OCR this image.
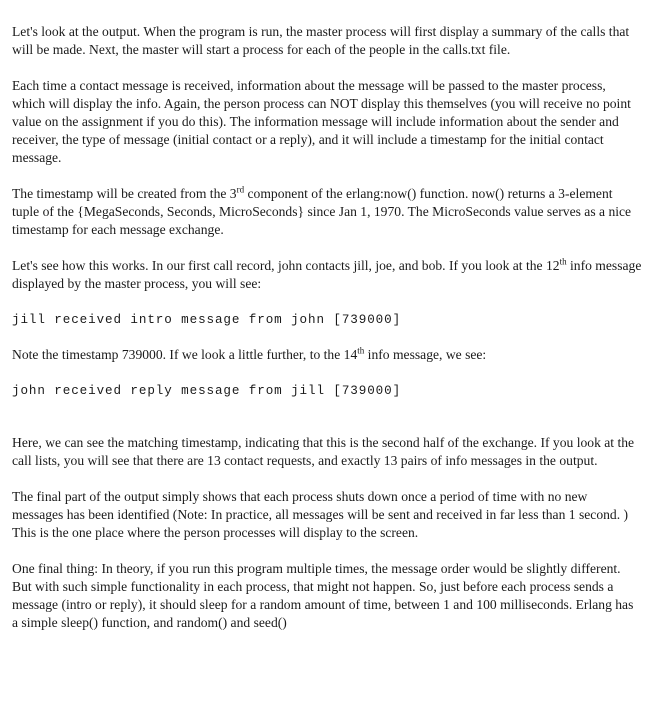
Let's look at the output. When the program is run, the master process will first display a summary of the calls that will be made. Next, the master will start a process for each of the people in the calls.txt file.

Each time a contact message is received, information about the message will be passed to the master process, which will display the info. Again, the person process can NOT display this themselves (you will receive no point value on the assignment if you do this). The information message will include information about the sender and receiver, the type of message (initial contact or a reply), and it will include a timestamp for the initial contact message.

The timestamp will be created from the 3rd component of the erlang:now() function. now() returns a 3-element tuple of the {MegaSeconds, Seconds, MicroSeconds} since Jan 1, 1970. The MicroSeconds value serves as a nice timestamp for each message exchange.

Let's see how this works. In our first call record, john contacts jill, joe, and bob. If you look at the 12th info message displayed by the master process, you will see:

jill received intro message from john [739000]

Note the timestamp 739000. If we look a little further, to the 14th info message, we see:

john received reply message from jill [739000]

Here, we can see the matching timestamp, indicating that this is the second half of the exchange. If you look at the call lists, you will see that there are 13 contact requests, and exactly 13 pairs of info messages in the output.

The final part of the output simply shows that each process shuts down once a period of time with no new messages has been identified (Note: In practice, all messages will be sent and received in far less than 1 second. ) This is the one place where the person processes will display to the screen.

One final thing: In theory, if you run this program multiple times, the message order would be slightly different. But with such simple functionality in each process, that might not happen. So, just before each process sends a message (intro or reply), it should sleep for a random amount of time, between 1 and 100 milliseconds. Erlang has a simple sleep() function, and random() and seed()
